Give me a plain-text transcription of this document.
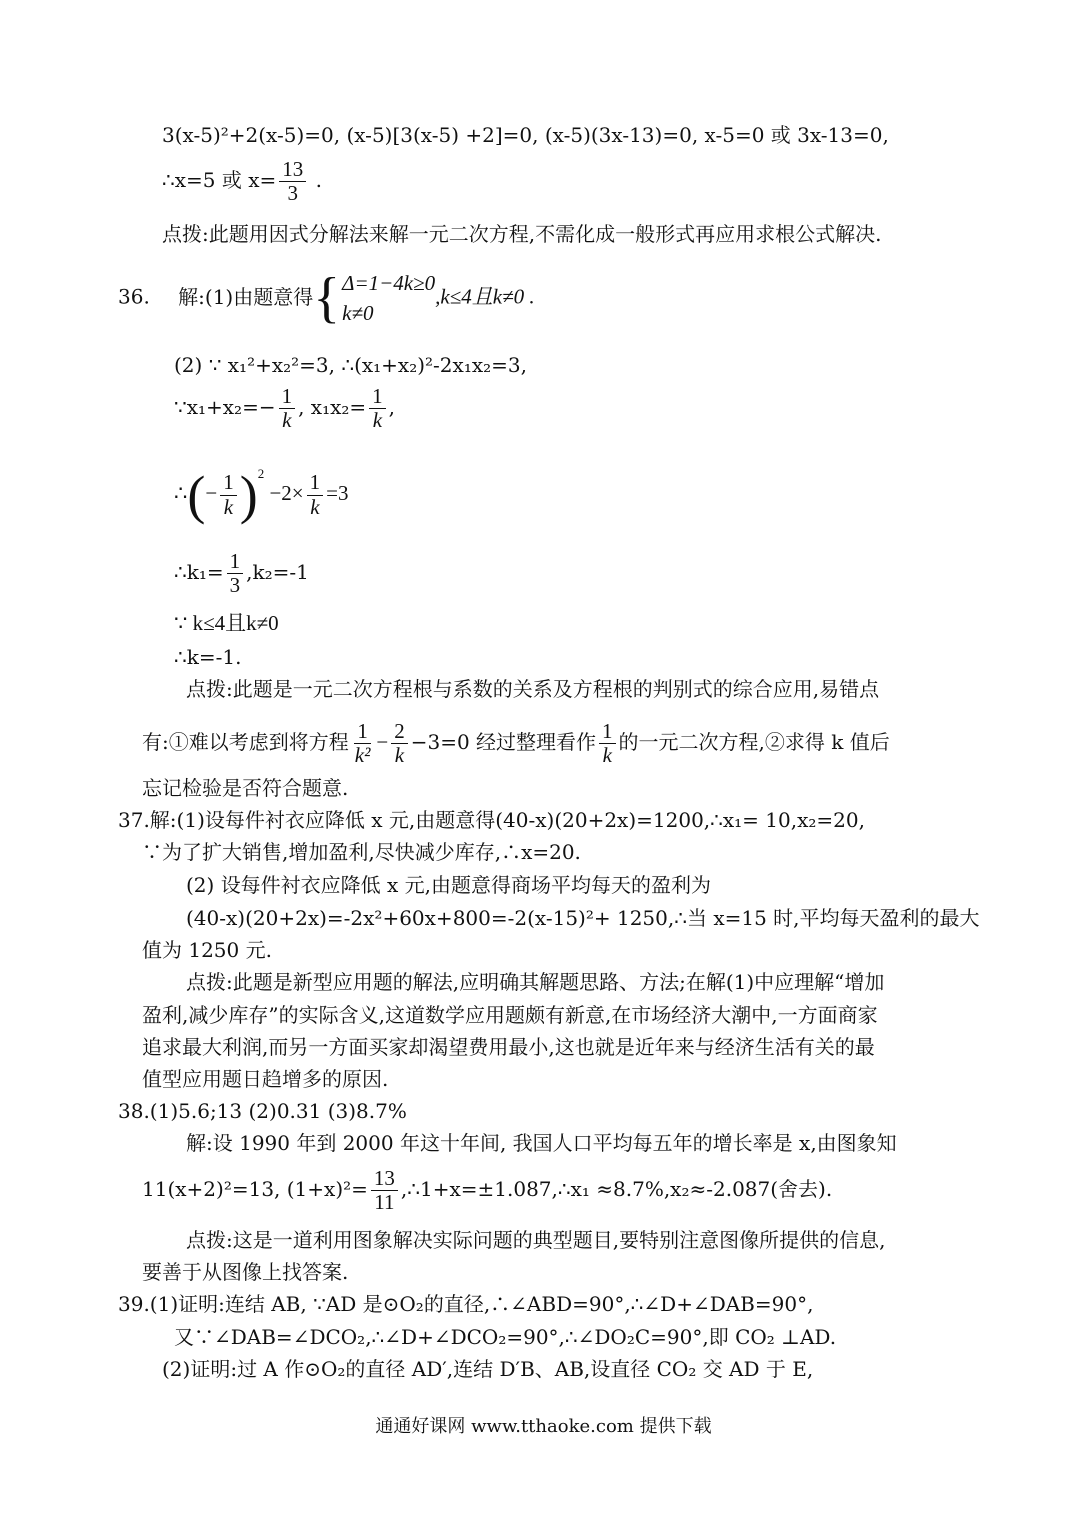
3(x-5)²+2(x-5)=0, (x-5)[3(x-5) +2]=0, (x-5)(3x-13)=0, x-5=0 或 3x-13=0,
∴x=5 或 $x= \frac{13}{3}$ .
点拨:此题用因式分解法来解一元二次方程,不需化成一般形式再应用求根公式解决.
36. 解:(1)由题意得 { Δ=1−4k≥0
k≠0
,k≤4且k≠0 .
(2) ∵ x₁²+x₂²=3, ∴(x₁+x₂)²-2x₁x₂=3,
∵x₁+x₂=− $\frac{1}{k}$ , $x_1x_2= \frac{1}{k}$ ,
∴(− $\frac{1}{k} )^2 -2\times \frac{1}{k} =3$
∴k₁= $\frac{1}{3} ,k_2=-1$
∵ k≤4且k≠0
∴k=-1.
点拨:此题是一元二次方程根与系数的关系及方程根的判别式的综合应用,易错点
有:①难以考虑到将方程 $\frac{1}{\text{k²}} - \frac{2}{k} -3=0$ 经过整理看作 $\frac{1}{k}$ 的一元二次方程,②求得 k 值后
忘记检验是否符合题意.
37.解:(1)设每件衬衣应降低 x 元,由题意得(40-x)(20+2x)=1200,∴x₁= 10,x₂=20,
∵为了扩大销售,增加盈利,尽快减少库存,∴x=20.
(2) 设每件衬衣应降低 x 元,由题意得商场平均每天的盈利为
(40-x)(20+2x)=-2x²+60x+800=-2(x-15)²+ 1250,∴当 x=15 时,平均每天盈利的最大
值为 1250 元.
点拨:此题是新型应用题的解法,应明确其解题思路、方法;在解(1)中应理解“增加
盈利,减少库存”的实际含义,这道数学应用题颇有新意,在市场经济大潮中,一方面商家
追求最大利润,而另一方面买家却渴望费用最小,这也就是近年来与经济生活有关的最
值型应用题日趋增多的原因.
38.(1)5.6;13 (2)0.31 (3)8.7%
解:设 1990 年到 2000 年这十年间, 我国人口平均每五年的增长率是 x,由图象知
11(x+2)²=13, $(1+x)^2= \frac{13}{11}$ ,∴1+x=±1.087,∴x₁ ≈8.7%,x₂≈-2.087(舍去).
点拨:这是一道利用图象解决实际问题的典型题目,要特别注意图像所提供的信息,
要善于从图像上找答案.
39.(1)证明:连结 AB, ∵AD 是⊙O₂的直径,∴∠ABD=90°,∴∠D+∠DAB=90°,
又∵∠DAB=∠DCO₂,∴∠D+∠DCO₂=90°,∴∠DO₂C=90°,即 CO₂ ⊥AD.
(2)证明:过 A 作⊙O₂的直径 AD′,连结 D′B、AB,设直径 CO₂ 交 AD 于 E,
通通好课网 www.tthaoke.com 提供下载
